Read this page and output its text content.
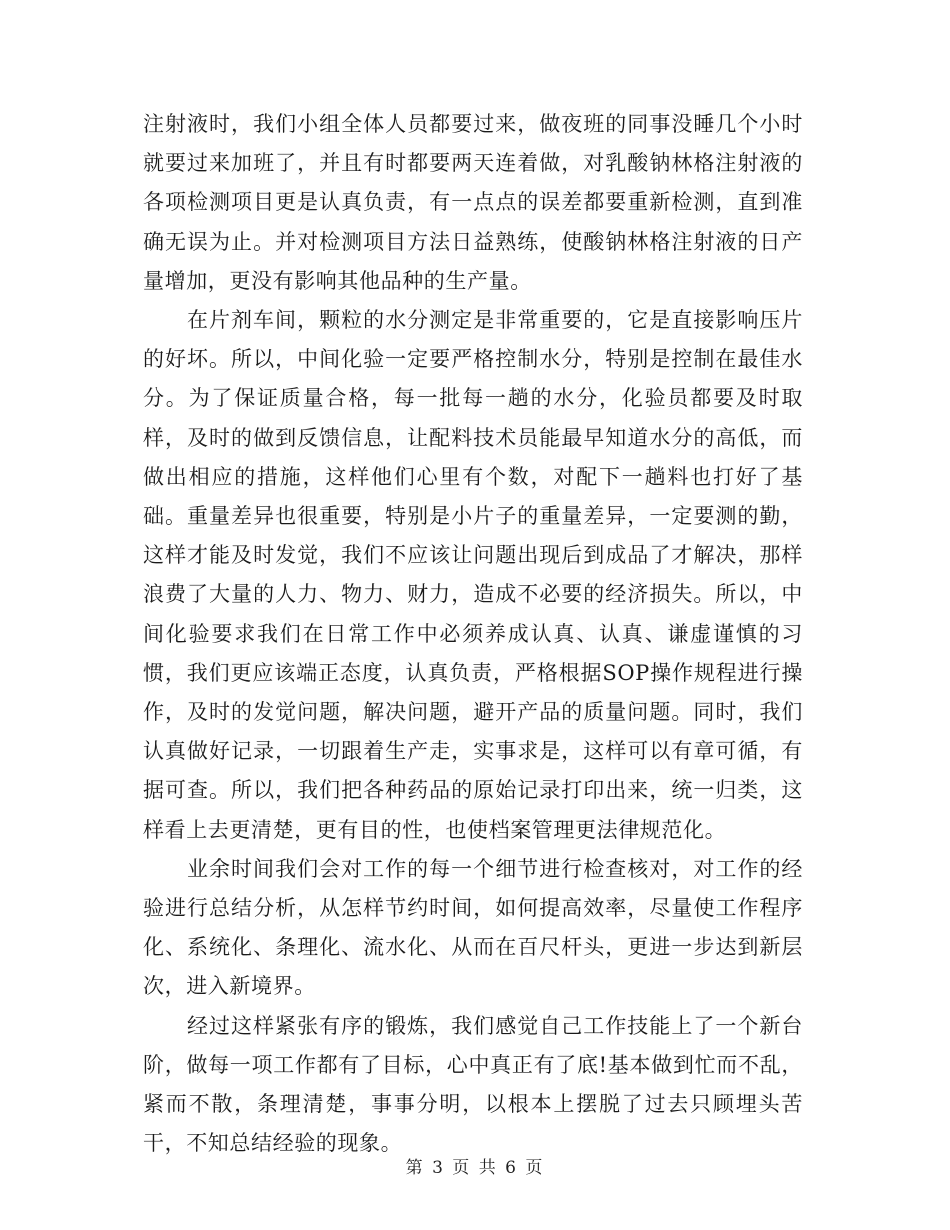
注射液时，我们小组全体人员都要过来，做夜班的同事没睡几个小时就要过来加班了，并且有时都要两天连着做，对乳酸钠林格注射液的各项检测项目更是认真负责，有一点点的误差都要重新检测，直到准确无误为止。并对检测项目方法日益熟练，使酸钠林格注射液的日产量增加，更没有影响其他品种的生产量。

在片剂车间，颗粒的水分测定是非常重要的，它是直接影响压片的好坏。所以，中间化验一定要严格控制水分，特别是控制在最佳水分。为了保证质量合格，每一批每一趟的水分，化验员都要及时取样，及时的做到反馈信息，让配料技术员能最早知道水分的高低，而做出相应的措施，这样他们心里有个数，对配下一趟料也打好了基础。重量差异也很重要，特别是小片子的重量差异，一定要测的勤，这样才能及时发觉，我们不应该让问题出现后到成品了才解决，那样浪费了大量的人力、物力、财力，造成不必要的经济损失。所以，中间化验要求我们在日常工作中必须养成认真、认真、谦虚谨慎的习惯，我们更应该端正态度，认真负责，严格根据SOP操作规程进行操作，及时的发觉问题，解决问题，避开产品的质量问题。同时，我们认真做好记录，一切跟着生产走，实事求是，这样可以有章可循，有据可查。所以，我们把各种药品的原始记录打印出来，统一归类，这样看上去更清楚，更有目的性，也使档案管理更法律规范化。

业余时间我们会对工作的每一个细节进行检查核对，对工作的经验进行总结分析，从怎样节约时间，如何提高效率，尽量使工作程序化、系统化、条理化、流水化、从而在百尺杆头，更进一步达到新层次，进入新境界。

经过这样紧张有序的锻炼，我们感觉自己工作技能上了一个新台阶，做每一项工作都有了目标，心中真正有了底!基本做到忙而不乱，紧而不散，条理清楚，事事分明，以根本上摆脱了过去只顾埋头苦干，不知总结经验的现象。

第 3 页 共 6 页
